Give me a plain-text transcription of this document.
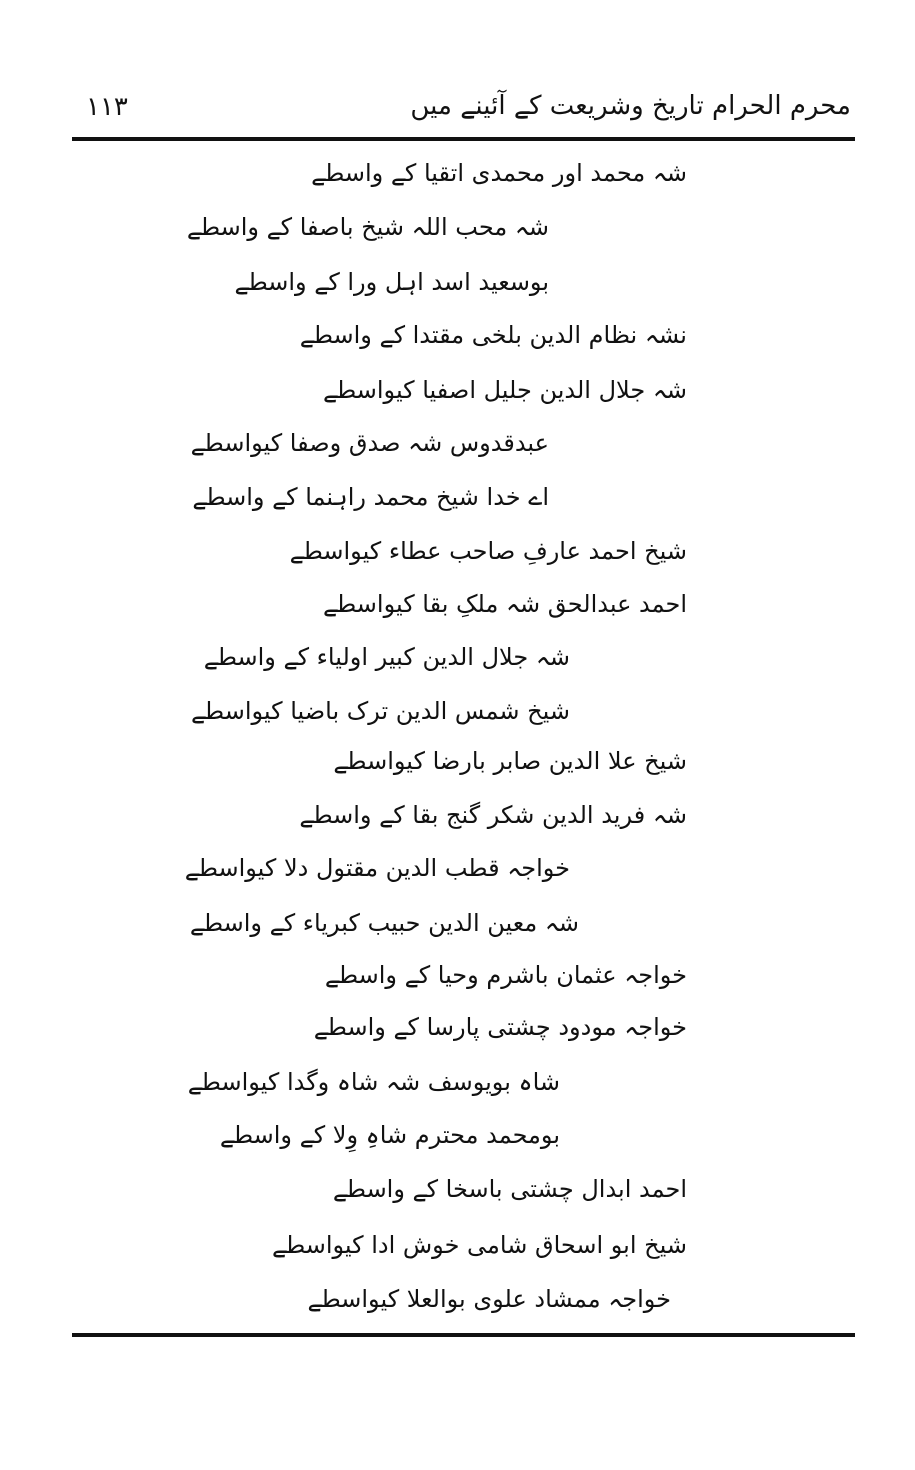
۱۱۳	محرم الحرام تاریخ وشریعت کے آئینے میں
شہ محمد اور محمدی اتقیا کے واسطے
شہ محب اللہ شیخ باصفا کے واسطے
بوسعید اسد اہل ورا کے واسطے
نشہ نظام الدین بلخی مقتدا کے واسطے
شہ جلال الدین جلیل اصفیا کیواسطے
عبدقدوس شہ صدق وصفا کیواسطے
اے خدا شیخ محمد راہنما کے واسطے
شیخ احمد عارفِ صاحب عطاء کیواسطے
احمد عبدالحق شہ ملکِ بقا کیواسطے
شہ جلال الدین کبیر اولیاء کے واسطے
شیخ شمس الدین ترک باضیا کیواسطے
شیخ علا الدین صابر بارضا کیواسطے
شہ فرید الدین شکر گنج بقا کے واسطے
خواجہ قطب الدین مقتول دلا کیواسطے
شہ معین الدین حبیب کبریاء کے واسطے
خواجہ عثمان باشرم وحیا کے واسطے
خواجہ مودود چشتی پارسا کے واسطے
شاہ بویوسف شہ شاہ وگدا کیواسطے
بومحمد محترم شاہِ وِلا کے واسطے
احمد ابدال چشتی باسخا کے واسطے
شیخ ابو اسحاق شامی خوش ادا کیواسطے
خواجہ ممشاد علوی بوالعلا کیواسطے
